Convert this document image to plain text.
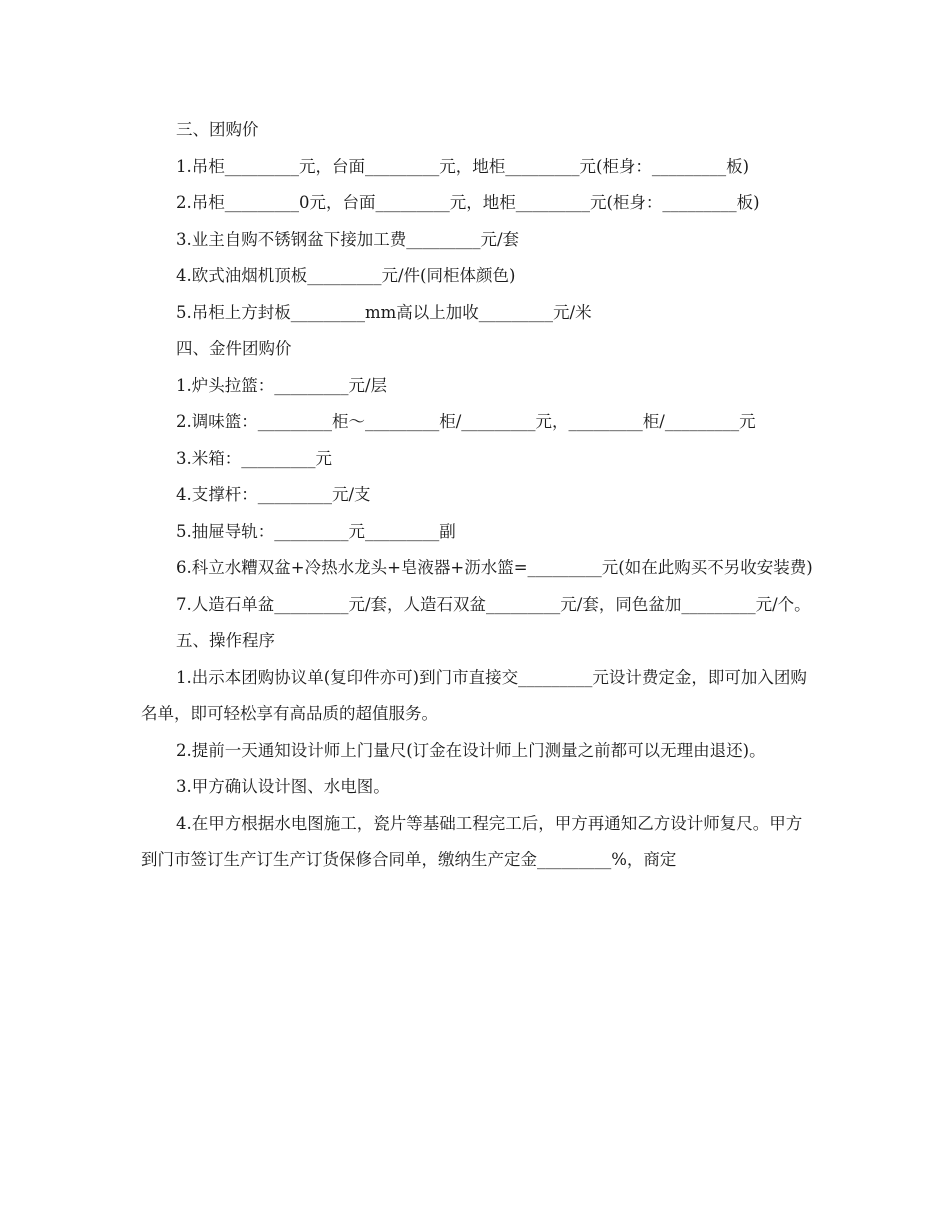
三、团购价

1.吊柜_________元，台面_________元，地柜_________元(柜身：_________板)

2.吊柜_________0元，台面_________元，地柜_________元(柜身：_________板)

3.业主自购不锈钢盆下接加工费_________元/套

4.欧式油烟机顶板_________元/件(同柜体颜色)

5.吊柜上方封板_________mm高以上加收_________元/米

四、金件团购价

1.炉头拉篮：_________元/层

2.调味篮：_________柜～_________柜/_________元，_________柜/_________元

3.米箱：_________元

4.支撑杆：_________元/支

5.抽屉导轨：_________元_________副

6.科立水糟双盆+冷热水龙头+皂液器+沥水篮=_________元(如在此购买不另收安装费)

7.人造石单盆_________元/套，人造石双盆_________元/套，同色盆加_________元/个。

五、操作程序

1.出示本团购协议单(复印件亦可)到门市直接交_________元设计费定金，即可加入团购名单，即可轻松享有高品质的超值服务。

2.提前一天通知设计师上门量尺(订金在设计师上门测量之前都可以无理由退还)。

3.甲方确认设计图、水电图。

4.在甲方根据水电图施工，瓷片等基础工程完工后，甲方再通知乙方设计师复尺。甲方到门市签订生产订生产订货保修合同单，缴纳生产定金_________%，商定
